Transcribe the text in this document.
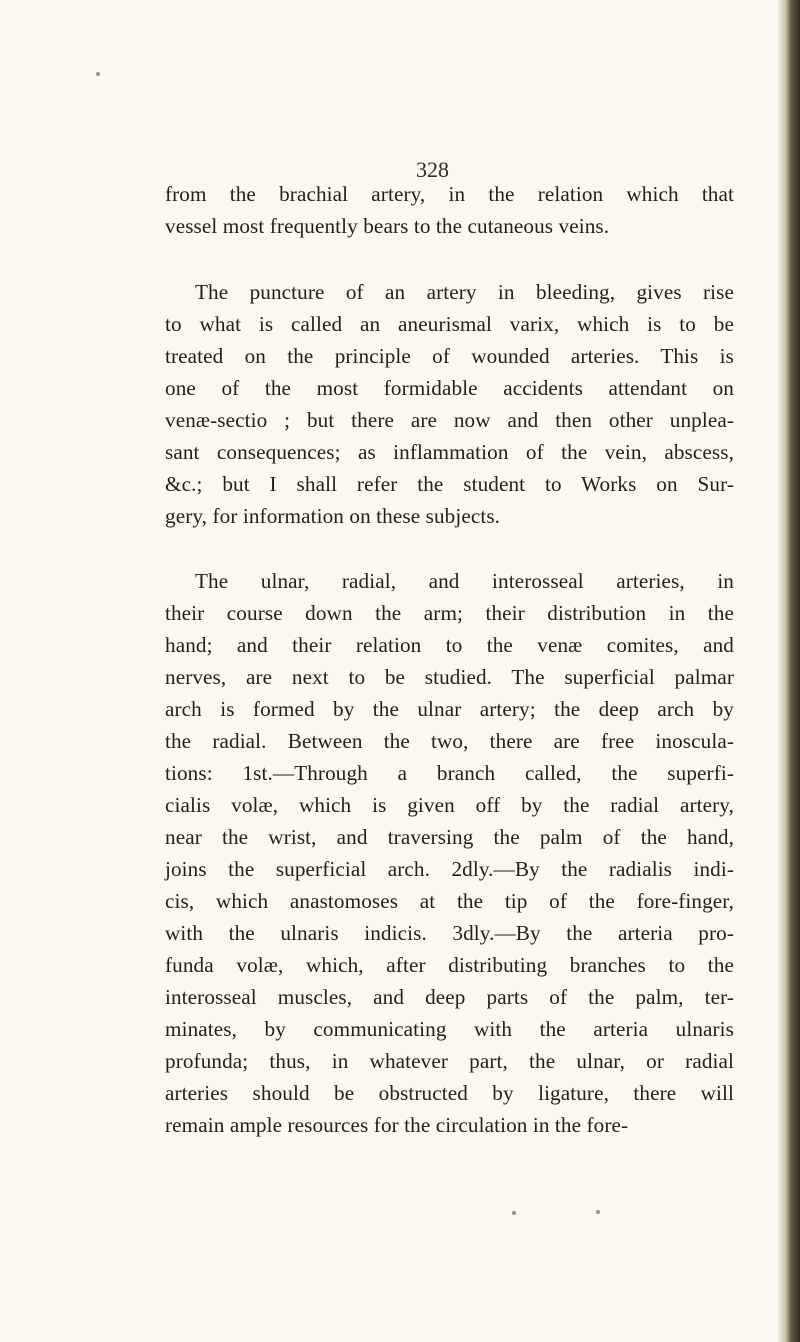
328
from the brachial artery, in the relation which that
vessel most frequently bears to the cutaneous veins.
The puncture of an artery in bleeding, gives rise
to what is called an aneurismal varix, which is to be
treated on the principle of wounded arteries. This is
one of the most formidable accidents attendant on
venæ-sectio ; but there are now and then other unplea-
sant consequences; as inflammation of the vein, abscess,
&c.; but I shall refer the student to Works on Sur-
gery, for information on these subjects.
The ulnar, radial, and interosseal arteries, in
their course down the arm; their distribution in the
hand; and their relation to the venæ comites, and
nerves, are next to be studied. The superficial palmar
arch is formed by the ulnar artery; the deep arch by
the radial. Between the two, there are free inoscula-
tions: 1st.—Through a branch called, the superfi-
cialis volæ, which is given off by the radial artery,
near the wrist, and traversing the palm of the hand,
joins the superficial arch. 2dly.—By the radialis indi-
cis, which anastomoses at the tip of the fore-finger,
with the ulnaris indicis. 3dly.—By the arteria pro-
funda volæ, which, after distributing branches to the
interosseal muscles, and deep parts of the palm, ter-
minates, by communicating with the arteria ulnaris
profunda; thus, in whatever part, the ulnar, or radial
arteries should be obstructed by ligature, there will
remain ample resources for the circulation in the fore-
